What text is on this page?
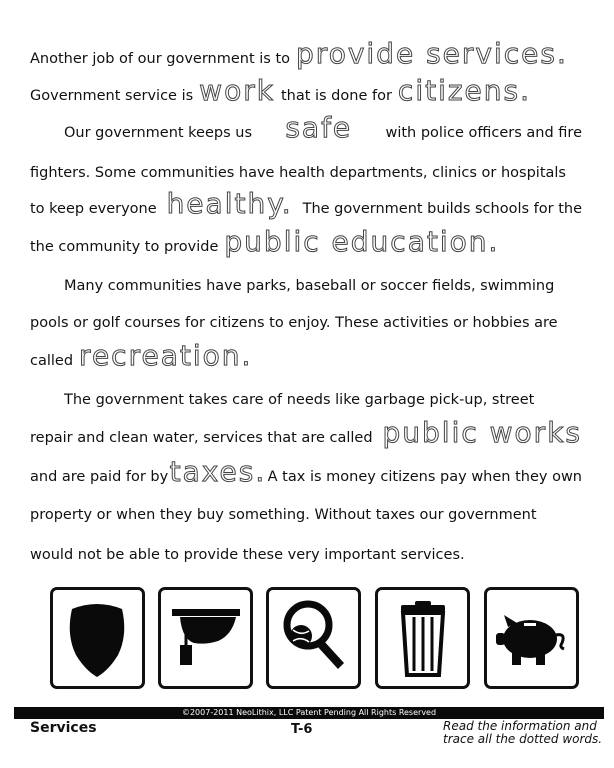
Another job of our government is to provide services.
Government service is work that is done for citizens.
Our government keeps us safe with police officers and fire
fighters. Some communities have health departments, clinics or hospitals
to keep everyone healthy. The government builds schools for the
the community to provide public education.
Many communities have parks, baseball or soccer fields, swimming
pools or golf courses for citizens to enjoy. These activities or hobbies are
called recreation.
The government takes care of needs like garbage pick-up, street
repair and clean water, services that are called public works
and are paid for by taxes. A tax is money citizens pay when they own
property or when they buy something. Without taxes our government
would not be able to provide these very important services.
©2007-2011 NeoLithix, LLC Patent Pending All Rights Reserved
Services	T-6	Read the information and
trace all the dotted words.
